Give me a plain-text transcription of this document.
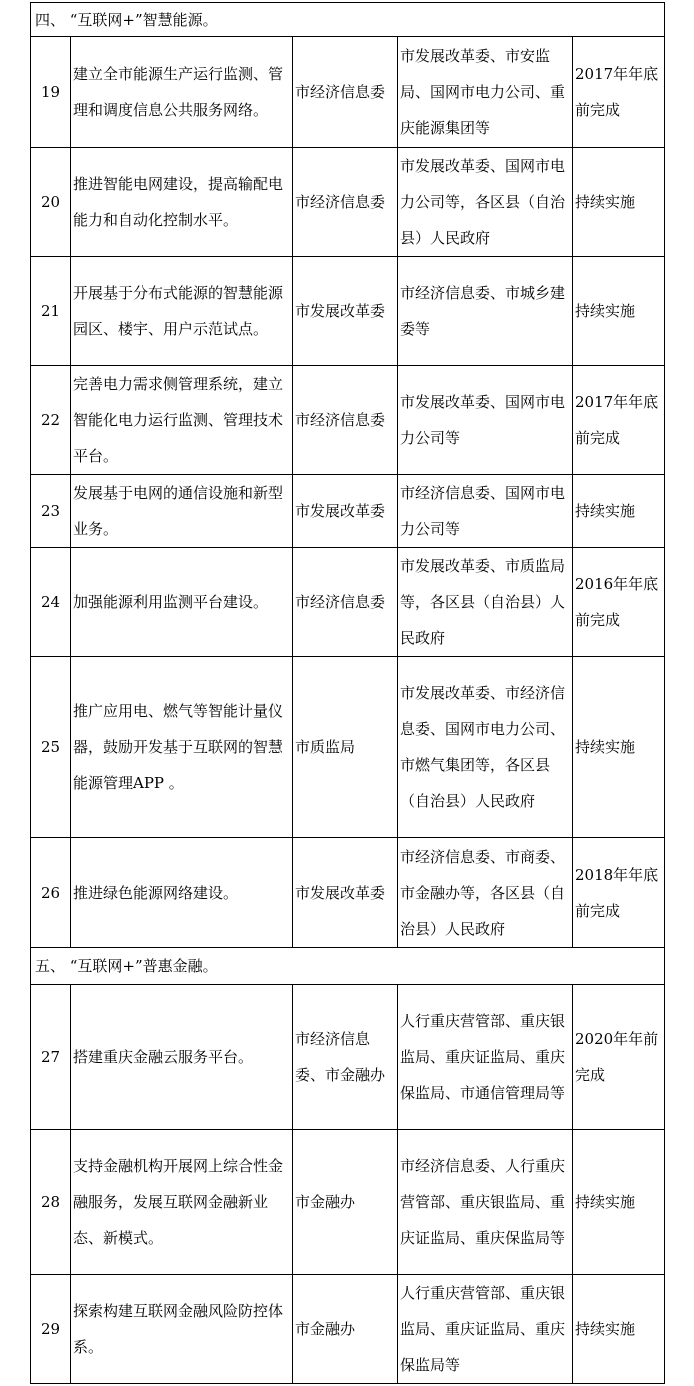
四、 “互联网+”智慧能源。				
19	建立全市能源生产运行监测、管理和调度信息公共服务网络。	市经济信息委	市发展改革委、市安监局、国网市电力公司、重庆能源集团等	2017年年底前完成
20	推进智能电网建设，提高输配电能力和自动化控制水平。	市经济信息委	市发展改革委、国网市电力公司等，各区县（自治县）人民政府	持续实施
21	开展基于分布式能源的智慧能源园区、楼宇、用户示范试点。	市发展改革委	市经济信息委、市城乡建委等	持续实施
22	完善电力需求侧管理系统，建立智能化电力运行监测、管理技术平台。	市经济信息委	市发展改革委、国网市电力公司等	2017年年底前完成
23	发展基于电网的通信设施和新型业务。	市发展改革委	市经济信息委、国网市电力公司等	持续实施
24	加强能源利用监测平台建设。	市经济信息委	市发展改革委、市质监局等，各区县（自治县）人民政府	2016年年底前完成
25	推广应用电、燃气等智能计量仪器，鼓励开发基于互联网的智慧能源管理APP 。	市质监局	市发展改革委、市经济信息委、国网市电力公司、市燃气集团等，各区县（自治县）人民政府	持续实施
26	推进绿色能源网络建设。	市发展改革委	市经济信息委、市商委、市金融办等，各区县（自治县）人民政府	2018年年底前完成
五、 “互联网+”普惠金融。				
27	搭建重庆金融云服务平台。	市经济信息委、市金融办	人行重庆营管部、重庆银监局、重庆证监局、重庆保监局、市通信管理局等	2020年年前完成
28	支持金融机构开展网上综合性金融服务，发展互联网金融新业态、新模式。	市金融办	市经济信息委、人行重庆营管部、重庆银监局、重庆证监局、重庆保监局等	持续实施
29	探索构建互联网金融风险防控体系。	市金融办	人行重庆营管部、重庆银监局、重庆证监局、重庆保监局等	持续实施
